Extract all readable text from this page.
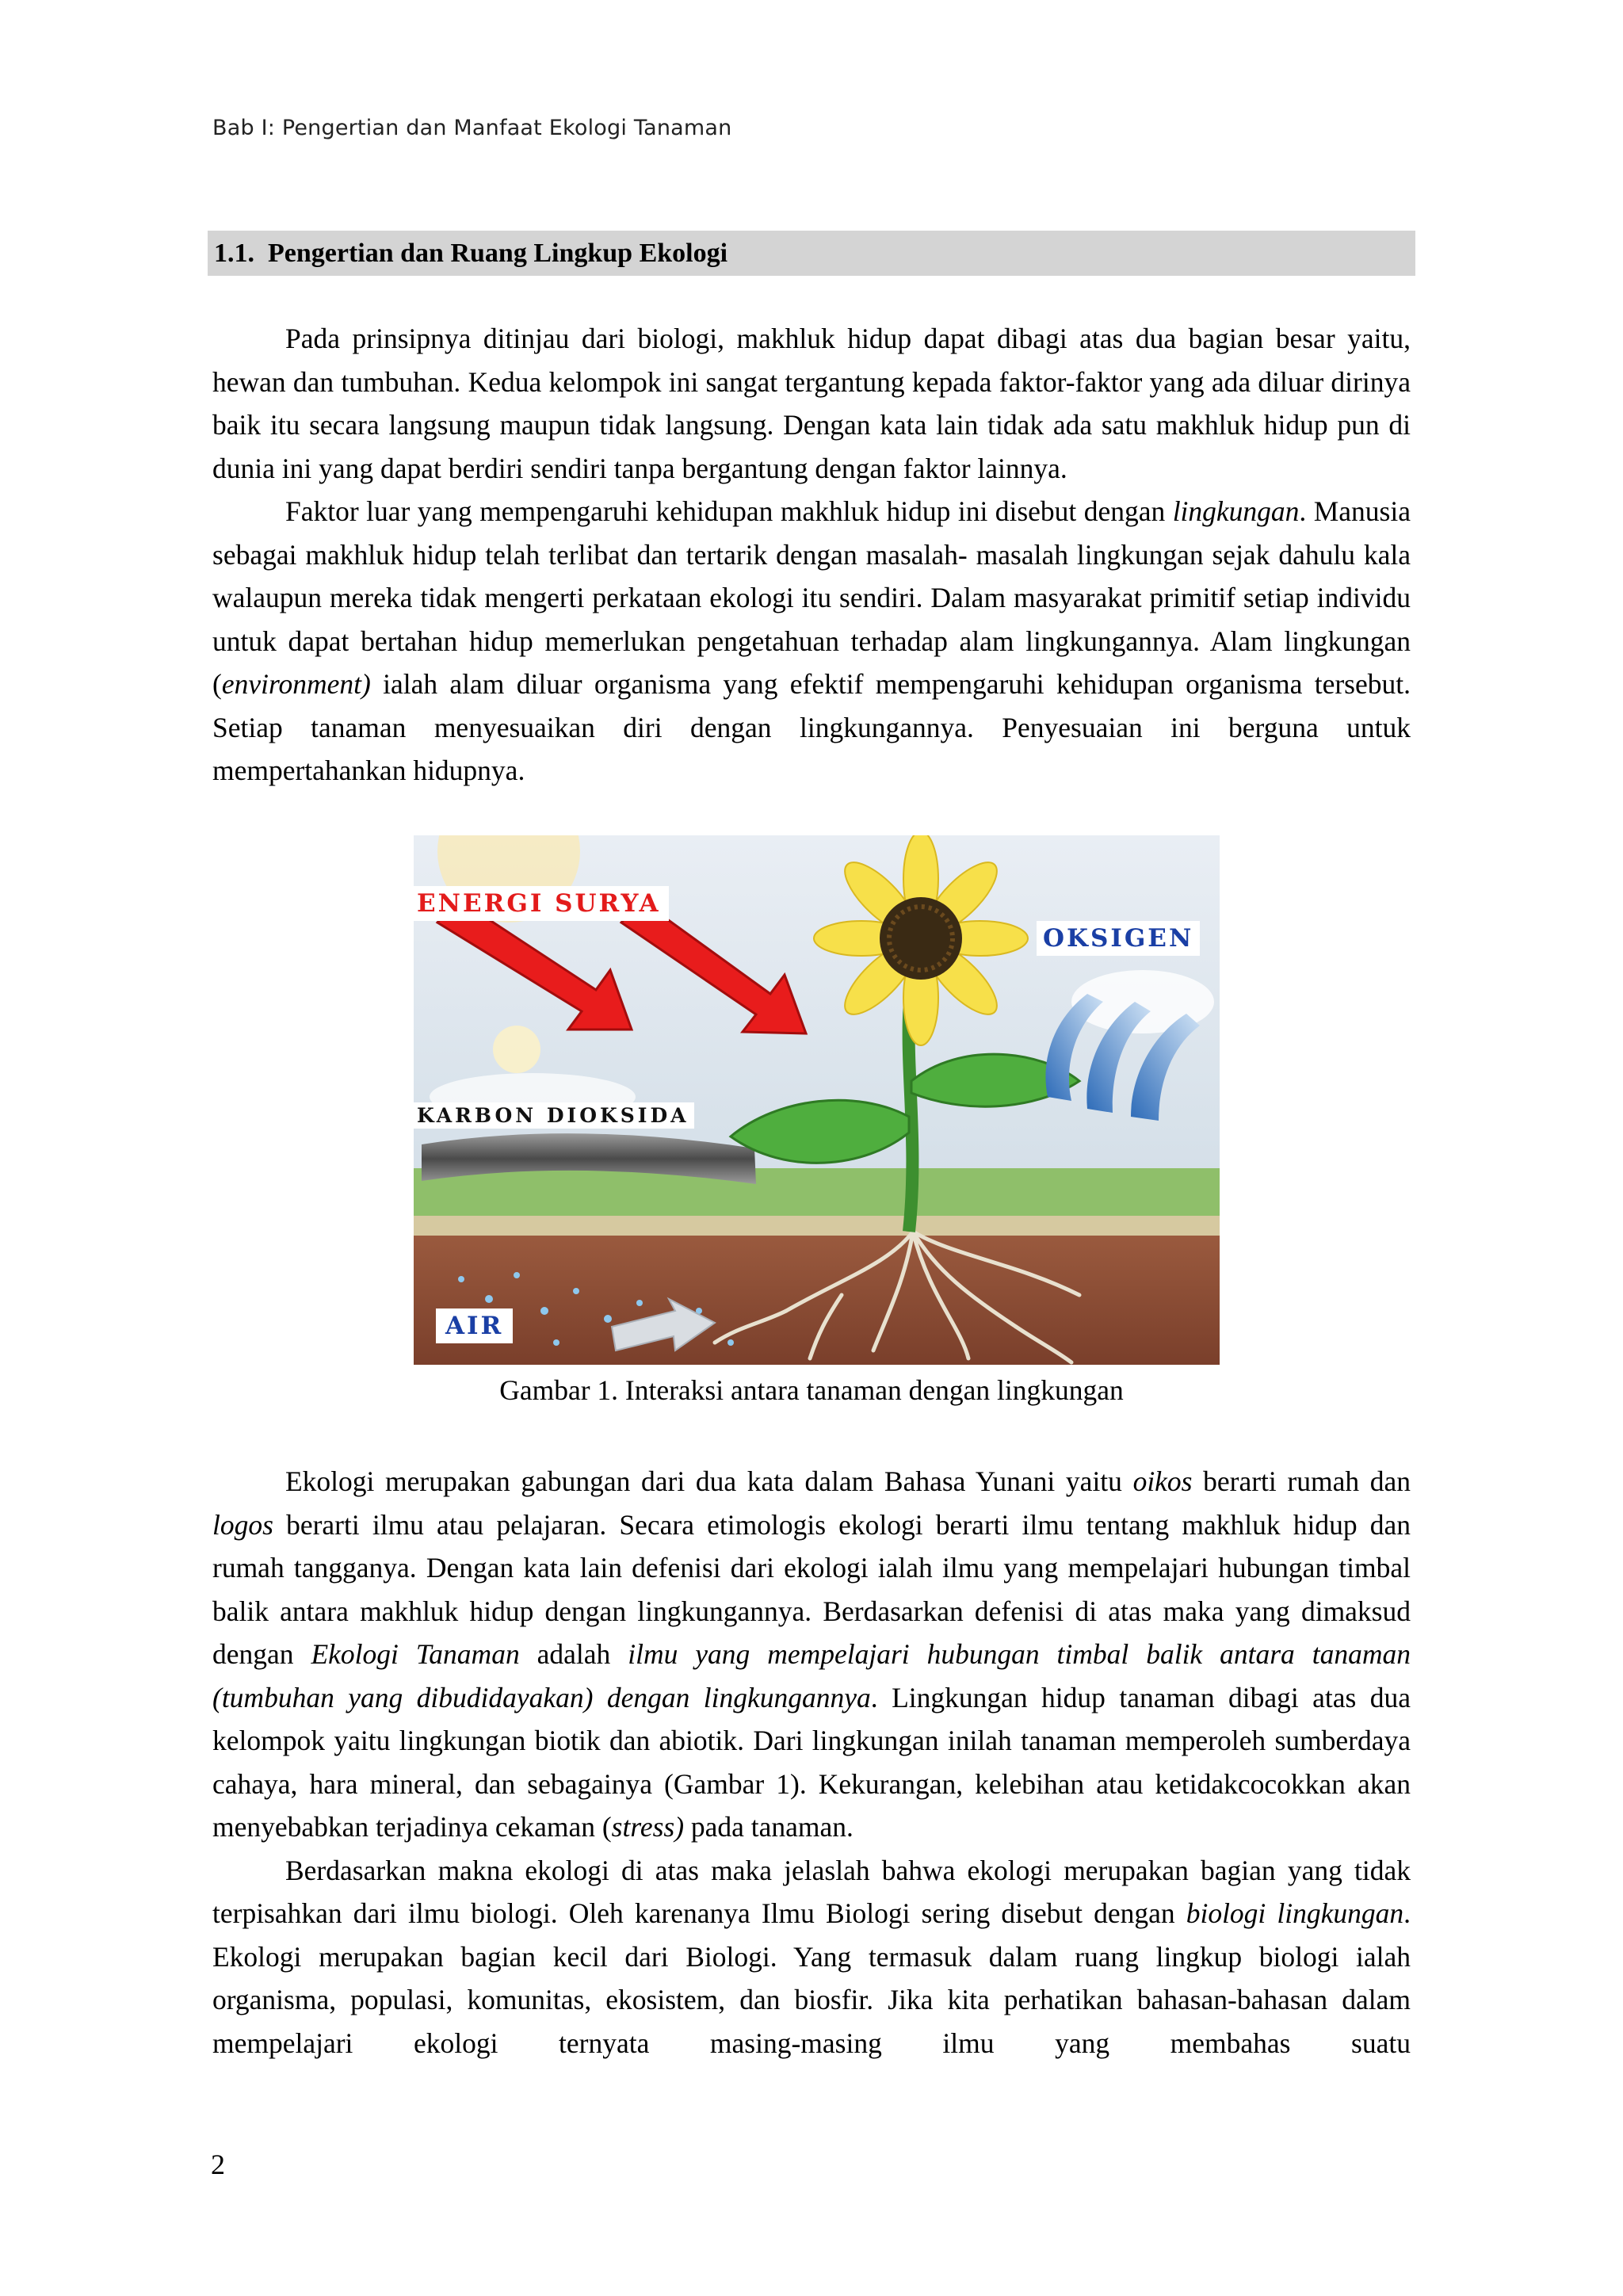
Bab I: Pengertian dan Manfaat Ekologi Tanaman
1.1. Pengertian dan Ruang Lingkup Ekologi

Pada prinsipnya ditinjau dari biologi, makhluk hidup dapat dibagi atas dua bagian besar yaitu, hewan dan tumbuhan. Kedua kelompok ini sangat tergantung kepada faktor-faktor yang ada diluar dirinya baik itu secara langsung maupun tidak langsung. Dengan kata lain tidak ada satu makhluk hidup pun di dunia ini yang dapat berdiri sendiri tanpa bergantung dengan faktor lainnya.

Faktor luar yang mempengaruhi kehidupan makhluk hidup ini disebut dengan lingkungan. Manusia sebagai makhluk hidup telah terlibat dan tertarik dengan masalah- masalah lingkungan sejak dahulu kala walaupun mereka tidak mengerti perkataan ekologi itu sendiri. Dalam masyarakat primitif setiap individu untuk dapat bertahan hidup memerlukan pengetahuan terhadap alam lingkungannya. Alam lingkungan (environment) ialah alam diluar organisma yang efektif mempengaruhi kehidupan organisma tersebut. Setiap tanaman menyesuaikan diri dengan lingkungannya. Penyesuaian ini berguna untuk mempertahankan hidupnya.

ENERGI SURYA
OKSIGEN
KARBON DIOKSIDA
AIR
Gambar 1. Interaksi antara tanaman dengan lingkungan

Ekologi merupakan gabungan dari dua kata dalam Bahasa Yunani yaitu oikos berarti rumah dan logos berarti ilmu atau pelajaran. Secara etimologis ekologi berarti ilmu tentang makhluk hidup dan rumah tangganya. Dengan kata lain defenisi dari ekologi ialah ilmu yang mempelajari hubungan timbal balik antara makhluk hidup dengan lingkungannya. Berdasarkan defenisi di atas maka yang dimaksud dengan Ekologi Tanaman adalah ilmu yang mempelajari hubungan timbal balik antara tanaman (tumbuhan yang dibudidayakan) dengan lingkungannya. Lingkungan hidup tanaman dibagi atas dua kelompok yaitu lingkungan biotik dan abiotik. Dari lingkungan inilah tanaman memperoleh sumberdaya cahaya, hara mineral, dan sebagainya (Gambar 1). Kekurangan, kelebihan atau ketidakcocokkan akan menyebabkan terjadinya cekaman (stress) pada tanaman.

Berdasarkan makna ekologi di atas maka jelaslah bahwa ekologi merupakan bagian yang tidak terpisahkan dari ilmu biologi. Oleh karenanya Ilmu Biologi sering disebut dengan biologi lingkungan. Ekologi merupakan bagian kecil dari Biologi. Yang termasuk dalam ruang lingkup biologi ialah organisma, populasi, komunitas, ekosistem, dan biosfir. Jika kita perhatikan bahasan-bahasan dalam mempelajari ekologi ternyata masing-masing ilmu yang membahas suatu

2
